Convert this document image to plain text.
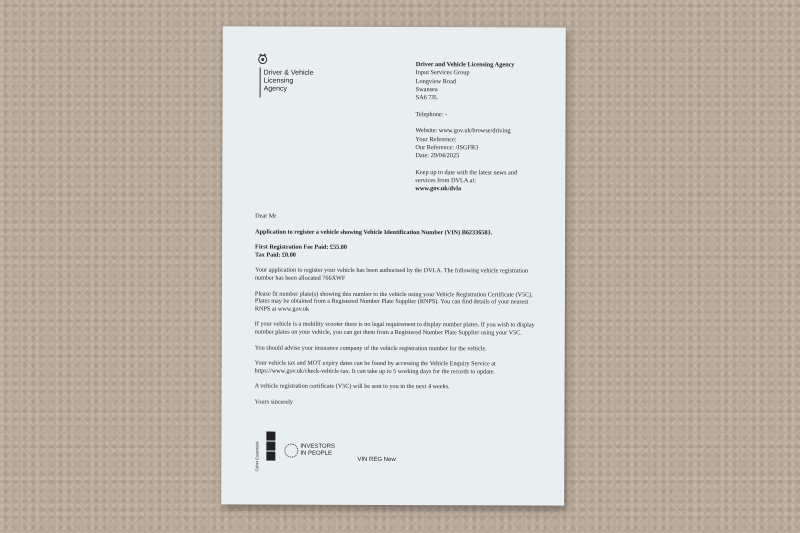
Driver & Vehicle
Licensing
Agency
Driver and Vehicle Licensing Agency
Input Services Group
Longview Road
Swansea
SA6 7JL
Telephone: -
Website: www.gov.uk/browse/driving
Your Reference:
Our Reference: /ISGFR3
Date: 29/04/2025
Keep up to date with the latest news and
services from DVLA at:
www.gov.uk/dvla

Dear Mr

Application to register a vehicle showing Vehicle Identification Number (VIN) B62336583.

First Registration Fee Paid: £55.00

Tax Paid: £0.00

Your application to register your vehicle has been authorised by the DVLA. The following vehicle registration number has been allocated 766XWF

Please fit number plate(s) showing this number to the vehicle using your Vehicle Registration Certificate (V5C). Plates may be obtained from a Registered Number Plate Supplier (RNPS). You can find details of your nearest RNPS at www.gov.uk

If your vehicle is a mobility scooter there is no legal requirement to display number plates. If you wish to display number plates on your vehicle, you can get them from a Registered Number Plate Supplier using your V5C.

You should advise your insurance company of the vehicle registration number for the vehicle.

Your vehicle tax and MOT expiry dates can be found by accessing the Vehicle Enquiry Service at https://www.gov.uk/check-vehicle-tax. It can take up to 5 working days for the records to update.

A vehicle registration certificate (V5C) will be sent to you in the next 4 weeks.

Yours sincerely

Cyber Essentials	INVESTORS
IN PEOPLE
VIN REG New
